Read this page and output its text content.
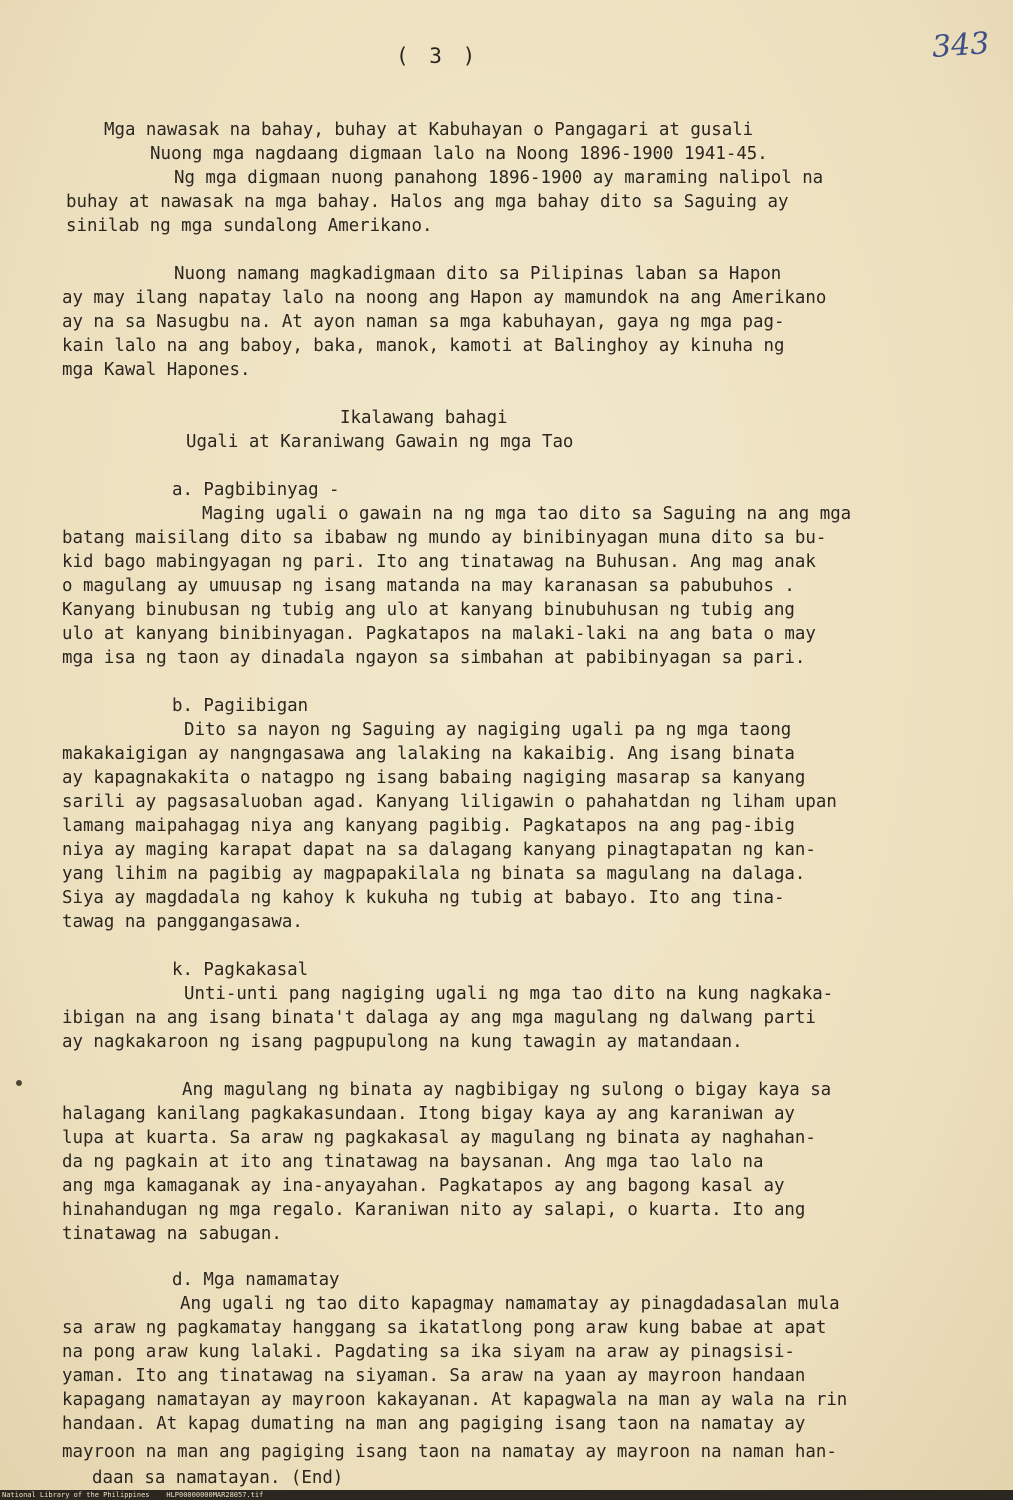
( 3 )	343
Mga nawasak na bahay, buhay at Kabuhayan o Pangagari at gusali
Nuong mga nagdaang digmaan lalo na Noong 1896-1900 1941-45.
Ng mga digmaan nuong panahong 1896-1900 ay maraming nalipol na
buhay at nawasak na mga bahay. Halos ang mga bahay dito sa Saguing ay
sinilab ng mga sundalong Amerikano.
Nuong namang magkadigmaan dito sa Pilipinas laban sa Hapon
ay may ilang napatay lalo na noong ang Hapon ay mamundok na ang Amerikano
ay na sa Nasugbu na. At ayon naman sa mga kabuhayan, gaya ng mga pag-
kain lalo na ang baboy, baka, manok, kamoti at Balinghoy ay kinuha ng
mga Kawal Hapones.
Ikalawang bahagi
Ugali at Karaniwang Gawain ng mga Tao
a. Pagbibinyag -
Maging ugali o gawain na ng mga tao dito sa Saguing na ang mga
batang maisilang dito sa ibabaw ng mundo ay binibinyagan muna dito sa bu-
kid bago mabingyagan ng pari. Ito ang tinatawag na Buhusan. Ang mag anak
o magulang ay umuusap ng isang matanda na may karanasan sa pabubuhos .
Kanyang binubusan ng tubig ang ulo at kanyang binubuhusan ng tubig ang
ulo at kanyang binibinyagan. Pagkatapos na malaki-laki na ang bata o may
mga isa ng taon ay dinadala ngayon sa simbahan at pabibinyagan sa pari.
b. Pagiibigan
Dito sa nayon ng Saguing ay nagiging ugali pa ng mga taong
makakaigigan ay nangngasawa ang lalaking na kakaibig. Ang isang binata
ay kapagnakakita o natagpo ng isang babaing nagiging masarap sa kanyang
sarili ay pagsasaluoban agad. Kanyang liligawin o pahahatdan ng liham upan
lamang maipahagag niya ang kanyang pagibig. Pagkatapos na ang pag-ibig
niya ay maging karapat dapat na sa dalagang kanyang pinagtapatan ng kan-
yang lihim na pagibig ay magpapakilala ng binata sa magulang na dalaga.
Siya ay magdadala ng kahoy k kukuha ng tubig at babayo. Ito ang tina-
tawag na panggangasawa.
k. Pagkakasal
Unti-unti pang nagiging ugali ng mga tao dito na kung nagkaka-
ibigan na ang isang binata't dalaga ay ang mga magulang ng dalwang parti
ay nagkakaroon ng isang pagpupulong na kung tawagin ay matandaan.
Ang magulang ng binata ay nagbibigay ng sulong o bigay kaya sa
halagang kanilang pagkakasundaan. Itong bigay kaya ay ang karaniwan ay
lupa at kuarta. Sa araw ng pagkakasal ay magulang ng binata ay naghahan-
da ng pagkain at ito ang tinatawag na baysanan. Ang mga tao lalo na
ang mga kamaganak ay ina-anyayahan. Pagkatapos ay ang bagong kasal ay
hinahandugan ng mga regalo. Karaniwan nito ay salapi, o kuarta. Ito ang
tinatawag na sabugan.
d. Mga namamatay
Ang ugali ng tao dito kapagmay namamatay ay pinagdadasalan mula
sa araw ng pagkamatay hanggang sa ikatatlong pong araw kung babae at apat
na pong araw kung lalaki. Pagdating sa ika siyam na araw ay pinagsisi-
yaman. Ito ang tinatawag na siyaman. Sa araw na yaan ay mayroon handaan
kapagang namatayan ay mayroon kakayanan. At kapagwala na man ay wala na rin
handaan. At kapag dumating na man ang pagiging isang taon na namatay ay
mayroon na man ang pagiging isang taon na namatay ay mayroon na naman han-
daan sa namatayan. (End)
National Library of the Philippines    HLP00000000MAR28057.tif
